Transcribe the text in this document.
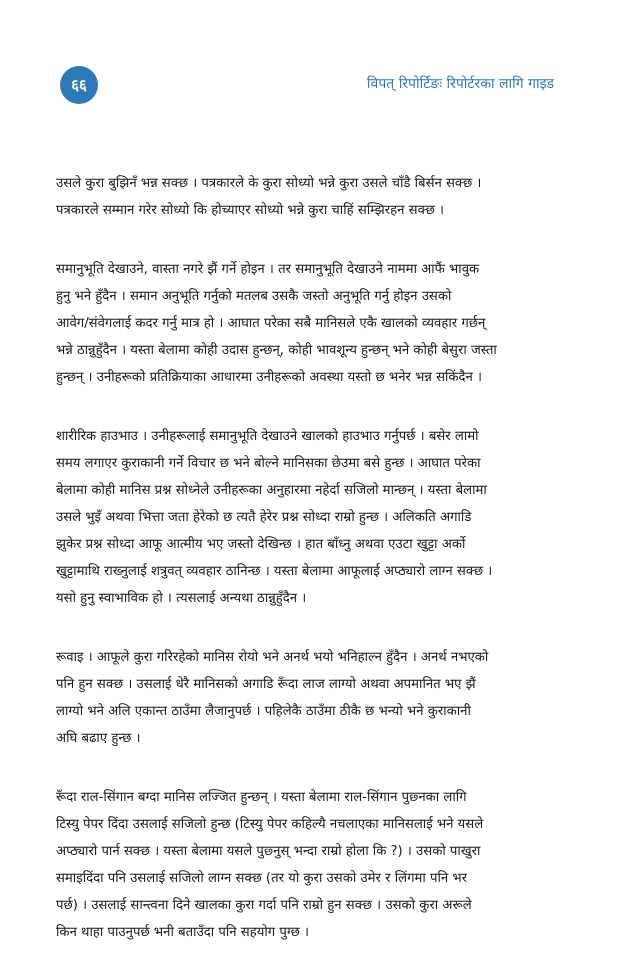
६६	विपत् रिपोर्टिङः रिपोर्टरका लागि गाइड

उसले कुरा बुझिनँ भन्न सक्छ । पत्रकारले के कुरा सोध्यो भन्ने कुरा उसले चाँडै बिर्सन सक्छ ।
पत्रकारले सम्मान गरेर सोध्यो कि होच्याएर सोध्यो भन्ने कुरा चाहिं सम्झिरहन सक्छ ।

समानुभूति देखाउने, वास्ता नगरे झैं गर्ने होइन । तर समानुभूति देखाउने नाममा आफैं भावुक
हुनु भने हुँदैन । समान अनुभूति गर्नुको मतलब उसकै जस्तो अनुभूति गर्नु होइन उसको
आवेग/संवेगलाई कदर गर्नु मात्र हो । आघात परेका सबै मानिसले एकै खालको व्यवहार गर्छन्
भन्ने ठान्नुहुँदैन । यस्ता बेलामा कोही उदास हुन्छन्, कोही भावशून्य हुन्छन् भने कोही बेसुरा जस्ता
हुन्छन् । उनीहरूको प्रतिक्रियाका आधारमा उनीहरूको अवस्था यस्तो छ भनेर भन्न सकिंदैन ।

शारीरिक हाउभाउ । उनीहरूलाई समानुभूति देखाउने खालको हाउभाउ गर्नुपर्छ । बसेर लामो
समय लगाएर कुराकानी गर्ने विचार छ भने बोल्ने मानिसका छेउमा बसे हुन्छ । आघात परेका
बेलामा कोही मानिस प्रश्न सोध्नेले उनीहरूका अनुहारमा नहेर्दा सजिलो मान्छन् । यस्ता बेलामा
उसले भुइँ अथवा भित्ता जता हेरेको छ त्यतै हेरेर प्रश्न सोध्दा राम्रो हुन्छ । अलिकति अगाडि
झुकेर प्रश्न सोध्दा आफू आत्मीय भए जस्तो देखिन्छ । हात बाँध्नु अथवा एउटा खुट्टा अर्को
खुट्टामाथि राख्नुलाई शत्रुवत् व्यवहार ठानिन्छ । यस्ता बेलामा आफूलाई अप्ठ्यारो लाग्न सक्छ ।
यसो हुनु स्वाभाविक हो । त्यसलाई अन्यथा ठान्नुहुँदैन ।

रूवाइ । आफूले कुरा गरिरहेको मानिस रोयो भने अनर्थ भयो भनिहाल्न हुँदैन । अनर्थ नभएको
पनि हुन सक्छ । उसलाई धेरै मानिसको अगाडि रूँदा लाज लाग्यो अथवा अपमानित भए झैं
लाग्यो भने अलि एकान्त ठाउँमा लैजानुपर्छ । पहिलेकै ठाउँमा ठीकै छ भन्यो भने कुराकानी
अघि बढाए हुन्छ ।

रूँदा राल-सिंगान बग्दा मानिस लज्जित हुन्छन् । यस्ता बेलामा राल-सिंगान पुछ्नका लागि
टिस्यु पेपर दिंदा उसलाई सजिलो हुन्छ (टिस्यु पेपर कहिल्यै नचलाएका मानिसलाई भने यसले
अप्ठ्यारो पार्न सक्छ । यस्ता बेलामा यसले पुछ्नुस् भन्दा राम्रो होला कि ?) । उसको पाखुरा
समाइदिंदा पनि उसलाई सजिलो लाग्न सक्छ (तर यो कुरा उसको उमेर र लिंगमा पनि भर
पर्छ) । उसलाई सान्त्वना दिने खालका कुरा गर्दा पनि राम्रो हुन सक्छ । उसको कुरा अरूले
किन थाहा पाउनुपर्छ भनी बताउँदा पनि सहयोग पुग्छ ।
